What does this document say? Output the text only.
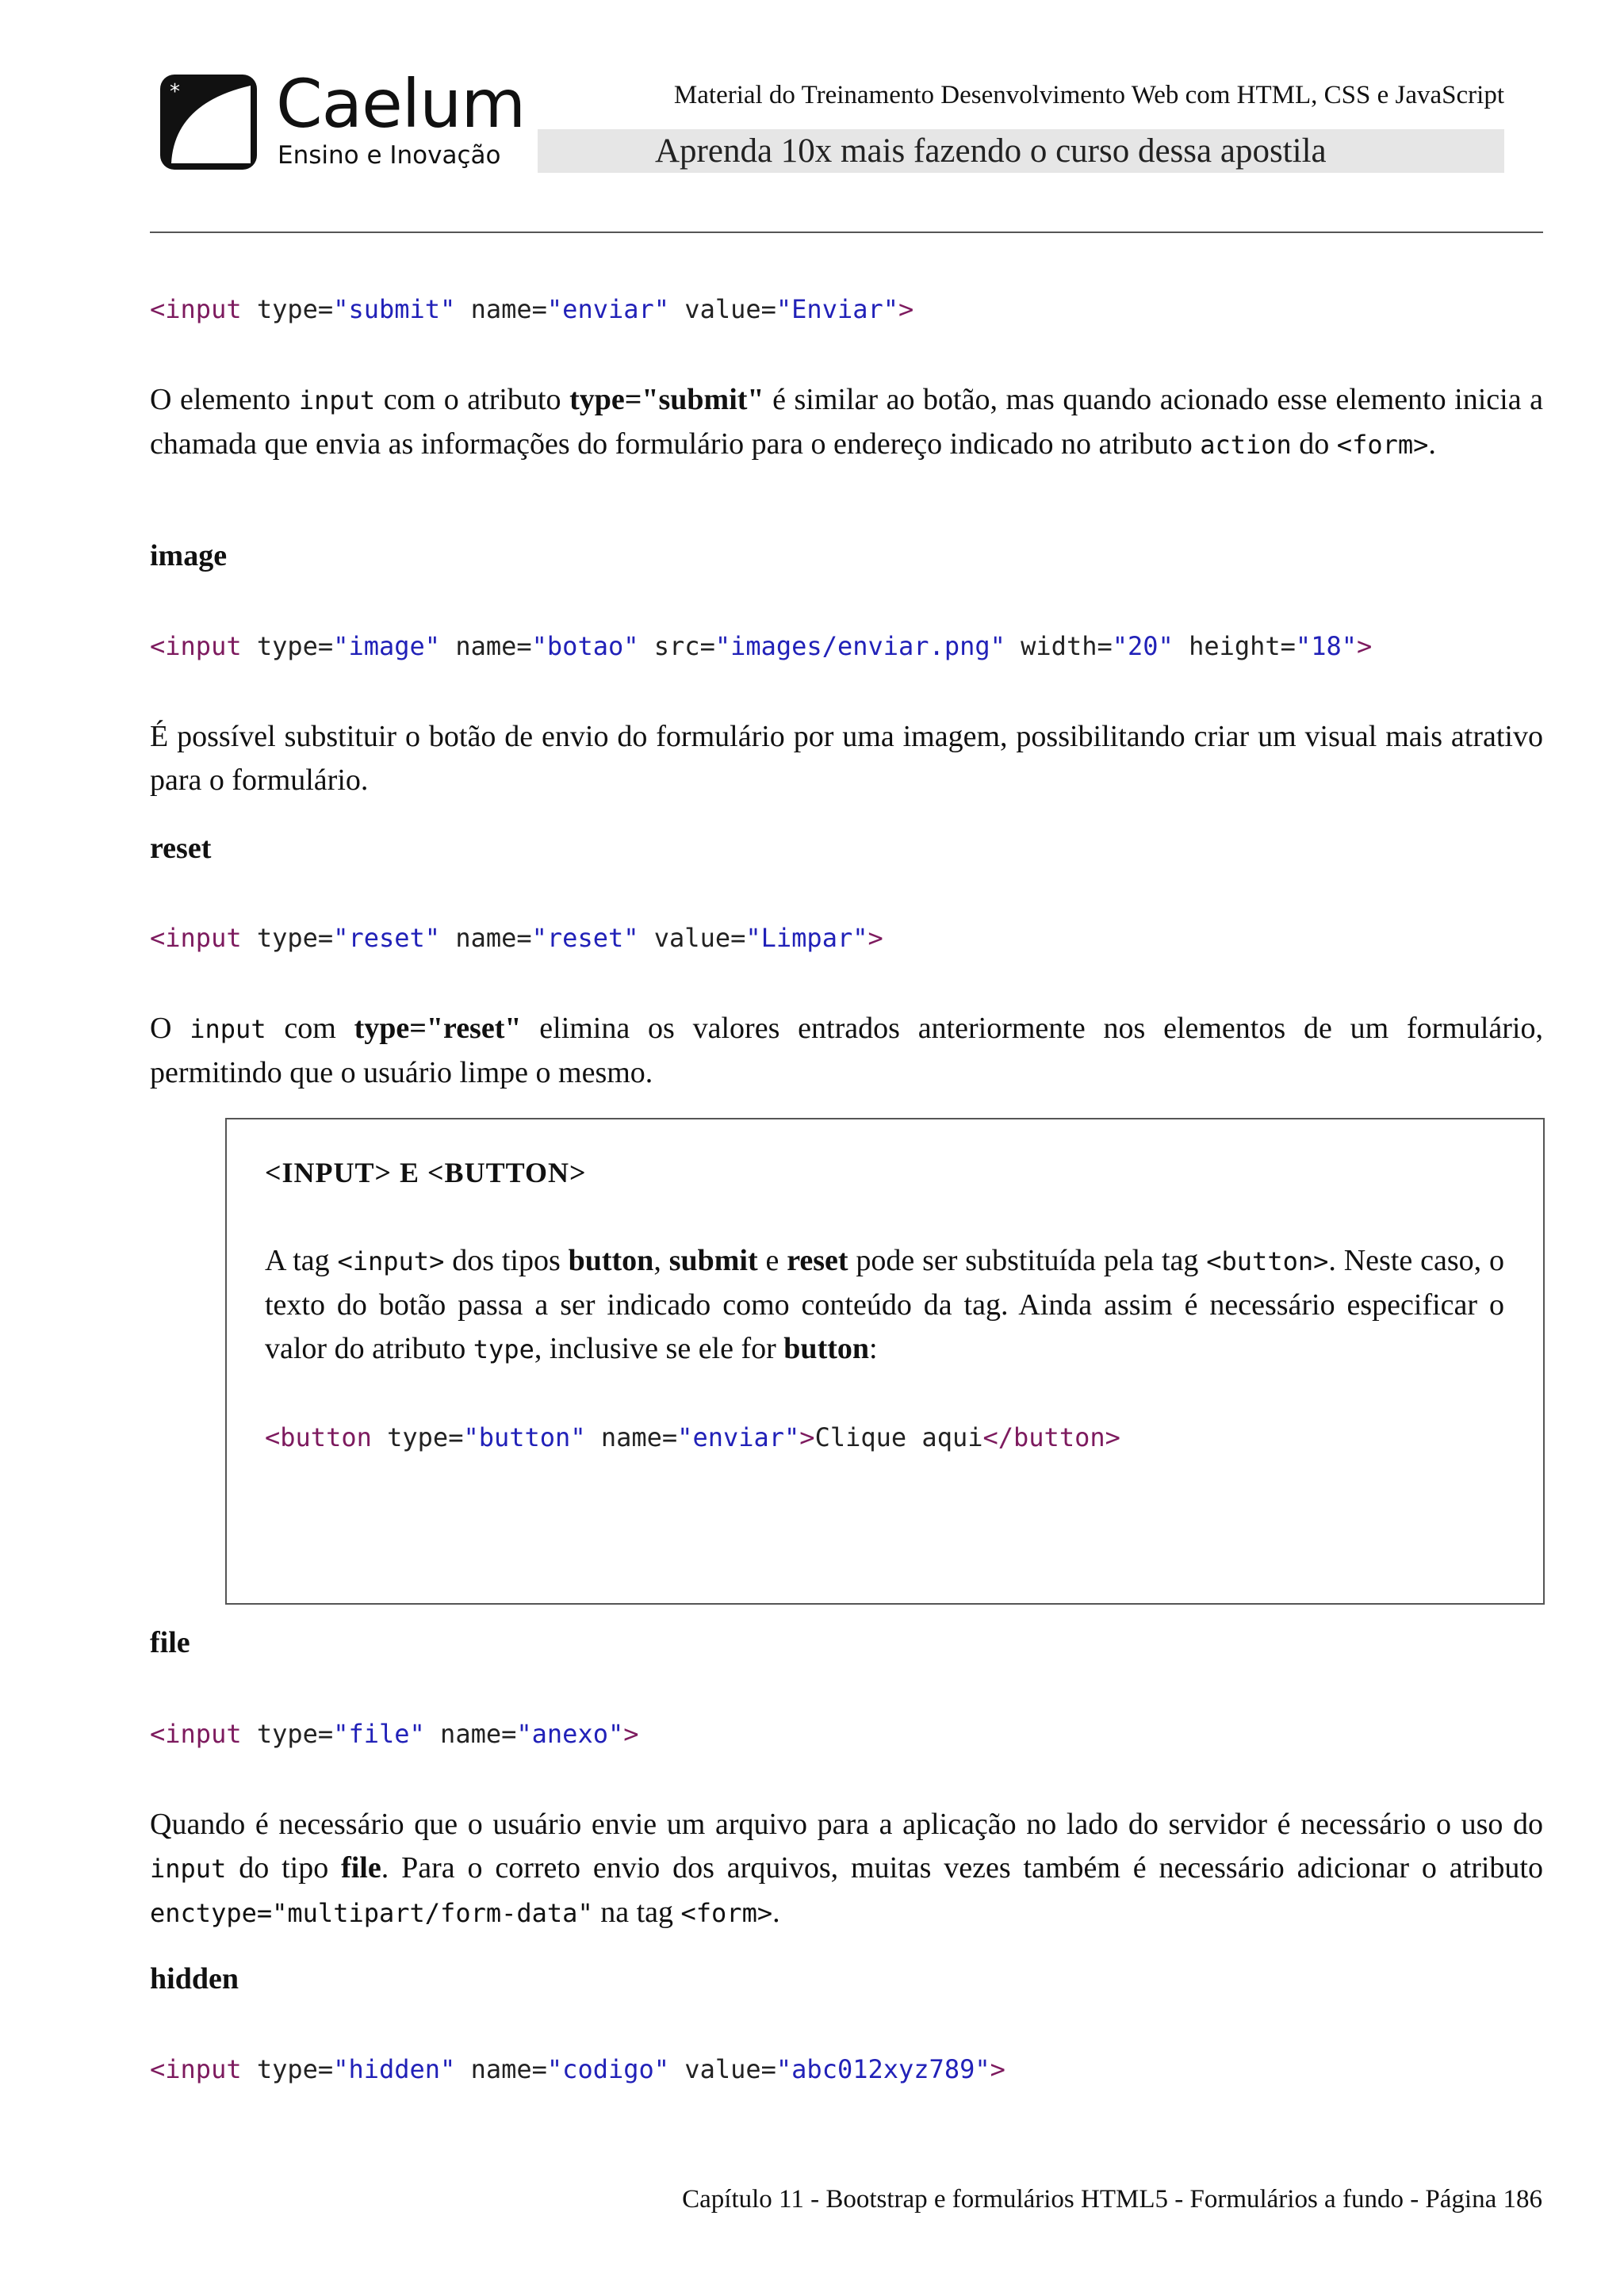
* Caelum
Ensino e Inovação
Material do Treinamento Desenvolvimento Web com HTML, CSS e JavaScript
Aprenda 10x mais fazendo o curso dessa apostila
<input type="submit" name="enviar" value="Enviar">
O elemento input com o atributo type="submit" é similar ao botão, mas quando acionado esse elemento inicia a chamada que envia as informações do formulário para o endereço indicado no atributo action do <form>.
image
<input type="image" name="botao" src="images/enviar.png" width="20" height="18">
É possível substituir o botão de envio do formulário por uma imagem, possibilitando criar um visual mais atrativo para o formulário.
reset
<input type="reset" name="reset" value="Limpar">
O input com type="reset" elimina os valores entrados anteriormente nos elementos de um formulário, permitindo que o usuário limpe o mesmo.
<INPUT> E <BUTTON>
A tag <input> dos tipos button, submit e reset pode ser substituída pela tag <button>. Neste caso, o texto do botão passa a ser indicado como conteúdo da tag. Ainda assim é necessário especificar o valor do atributo type, inclusive se ele for button:
<button type="button" name="enviar">Clique aqui</button>
file
<input type="file" name="anexo">
Quando é necessário que o usuário envie um arquivo para a aplicação no lado do servidor é necessário o uso do input do tipo file. Para o correto envio dos arquivos, muitas vezes também é necessário adicionar o atributo enctype="multipart/form-data" na tag <form>.
hidden
<input type="hidden" name="codigo" value="abc012xyz789">
Capítulo 11 - Bootstrap e formulários HTML5 - Formulários a fundo - Página 186
